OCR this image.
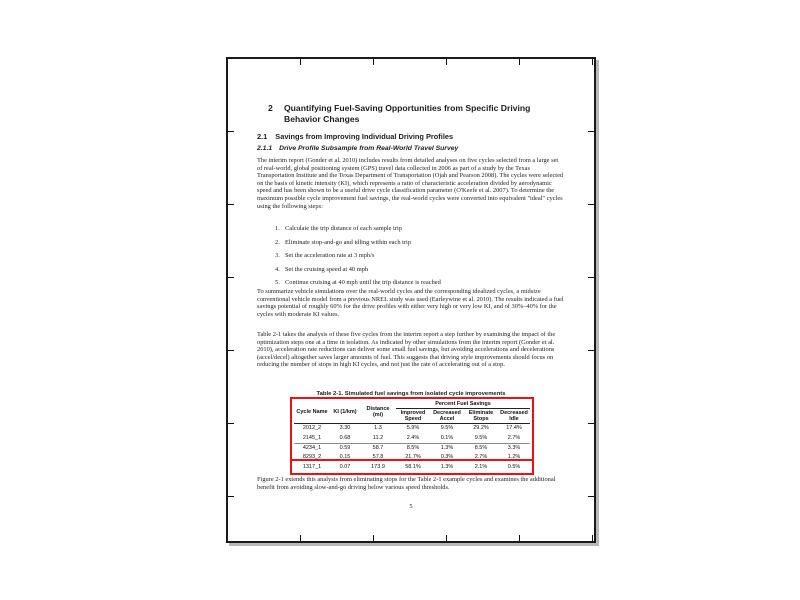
2	Quantifying Fuel-Saving Opportunities from Specific Driving Behavior Changes
2.1 Savings from Improving Individual Driving Profiles
2.1.1 Drive Profile Subsample from Real-World Travel Survey
The interim report (Gonder et al. 2010) includes results from detailed analyses on five cycles selected from a large set of real-world, global positioning system (GPS) travel data collected in 2006 as part of a study by the Texas Transportation Institute and the Texas Department of Transportation (Ojah and Pearson 2008). The cycles were selected on the basis of kinetic intensity (KI), which represents a ratio of characteristic acceleration divided by aerodynamic speed and has been shown to be a useful drive cycle classification parameter (O'Keefe et al. 2007). To determine the maximum possible cycle improvement fuel savings, the real-world cycles were converted into equivalent "ideal" cycles using the following steps:
1. Calculate the trip distance of each sample trip
2. Eliminate stop-and-go and idling within each trip
3. Set the acceleration rate at 3 mph/s
4. Set the cruising speed at 40 mph
5. Continue cruising at 40 mph until the trip distance is reached
To summarize vehicle simulations over the real-world cycles and the corresponding idealized cycles, a midsize conventional vehicle model from a previous NREL study was used (Earleywine et al. 2010). The results indicated a fuel savings potential of roughly 60% for the drive profiles with either very high or very low KI, and of 30%–40% for the cycles with moderate KI values.
Table 2-1 takes the analysis of these five cycles from the interim report a step further by examining the impact of the optimization steps one at a time in isolation. As indicated by other simulations from the interim report (Gonder et al. 2010), acceleration rate reductions can deliver some small fuel savings, but avoiding accelerations and decelerations (accel/decel) altogether saves larger amounts of fuel. This suggests that driving style improvements should focus on reducing the number of stops in high KI cycles, and not just the rate of accelerating out of a stop.
Table 2-1. Simulated fuel savings from isolated cycle improvements
Cycle Name	KI (1/km)	Distance (mi)	Percent Fuel Savings			
			Improved Speed	Decreased Accel	Eliminate Stops	Decreased Idle
2012_2	3.30	1.3	5.9%	9.5%	29.2%	17.4%
2145_1	0.68	11.2	2.4%	0.1%	9.5%	2.7%
4234_1	0.59	58.7	8.5%	1.3%	8.5%	3.3%
8293_2	0.15	57.8	21.7%	0.3%	2.7%	1.2%
1317_1	0.07	173.9	58.1%	1.3%	2.1%	0.5%
Figure 2-1 extends this analysis from eliminating stops for the Table 2-1 example cycles and examines the additional benefit from avoiding slow-and-go driving below various speed thresholds.
5
